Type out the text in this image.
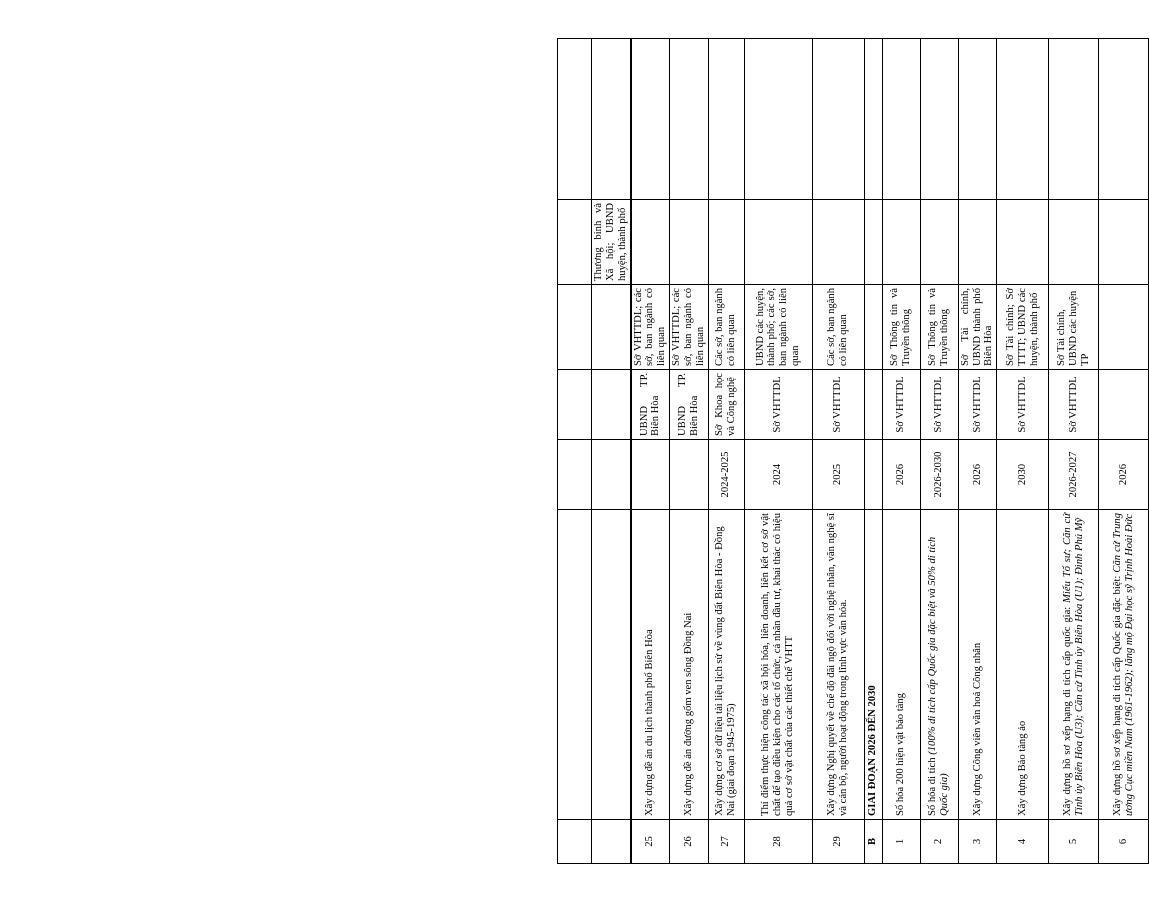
					Thương binh và Xã hội; UBND huyện, thành phố	
25	Xây dựng đề án du lịch thành phố Biên Hòa		UBND TP. Biên Hòa	Sở VHTTDL; các sở, ban ngành có liên quan		
26	Xây dựng đề án đường gốm ven sông Đồng Nai		UBND TP. Biên Hòa	Sở VHTTDL; các sở, ban ngành có liên quan		
27	Xây dựng cơ sở dữ liệu tài liệu lịch sử về vùng đất Biên Hòa - Đồng Nai (giai đoạn 1945-1975)	2024-2025	Sở Khoa học và Công nghệ	Các sở, ban ngành có liên quan		
28	Thí điểm thực hiện công tác xã hội hóa, liên doanh, liên kết cơ sở vật chất để tạo điều kiện cho các tổ chức, cá nhân đầu tư, khai thác có hiệu quả cơ sở vật chất của các thiết chế VHTT	2024	Sở VHTTDL	UBND các huyện, thành phố; các sở, ban ngành có liên quan		
29	Xây dựng Nghị quyết về chế độ đãi ngộ đối với nghệ nhân, văn nghệ sĩ và cán bộ, người hoạt động trong lĩnh vực văn hóa.	2025	Sở VHTTDL	Các sở, ban ngành có liên quan		
B	GIAI ĐOẠN 2026 ĐẾN 2030					
1	Số hóa 200 hiện vật bảo tàng	2026	Sở VHTTDL	Sở Thông tin và Truyền thông		
2	Số hóa di tích (100% di tích cấp Quốc gia đặc biệt và 50% di tích Quốc gia)	2026-2030	Sở VHTTDL	Sở Thông tin và Truyền thông		
3	Xây dựng Công viên văn hoá Công nhân	2026	Sở VHTTDL	Sở Tài chính, UBND thành phố Biên Hòa		
4	Xây dựng Bảo tàng ảo	2030	Sở VHTTDL	Sở Tài chính; Sở TTTT; UBND các huyện, thành phố		
5	Xây dựng hồ sơ xếp hạng di tích cấp quốc gia: Miếu Tổ sư; Căn cứ Tỉnh ủy Biên Hòa (U3); Căn cứ Tỉnh ủy Biên Hòa (U1); Đình Phú Mỹ	2026-2027	Sở VHTTDL	Sở Tài chính, UBND các huyện TP		
6	Xây dựng hồ sơ xếp hạng di tích cấp Quốc gia đặc biệt: Căn cứ Trung ương Cục miền Nam (1961-1962); lăng mộ Đại học sỹ Trịnh Hoài Đức	2026				
